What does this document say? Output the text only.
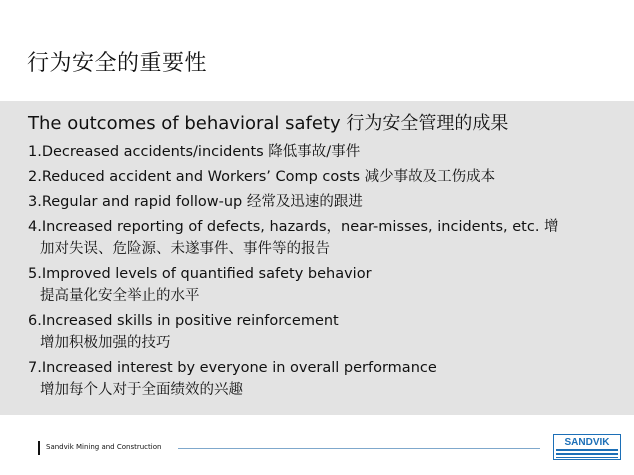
行为安全的重要性
The outcomes of behavioral safety 行为安全管理的成果
1.Decreased accidents/incidents 降低事故/事件
2.Reduced accident and Workers’ Comp costs 减少事故及工伤成本
3.Regular and rapid follow-up 经常及迅速的跟进
4.Increased reporting of defects, hazards，near-misses, incidents, etc. 增
加对失误、危险源、未遂事件、事件等的报告
5.Improved levels of quantified safety behavior
提高量化安全举止的水平
6.Increased skills in positive reinforcement
增加积极加强的技巧
7.Increased interest by everyone in overall performance
增加每个人对于全面绩效的兴趣
Sandvik Mining and Construction	SANDVIK
